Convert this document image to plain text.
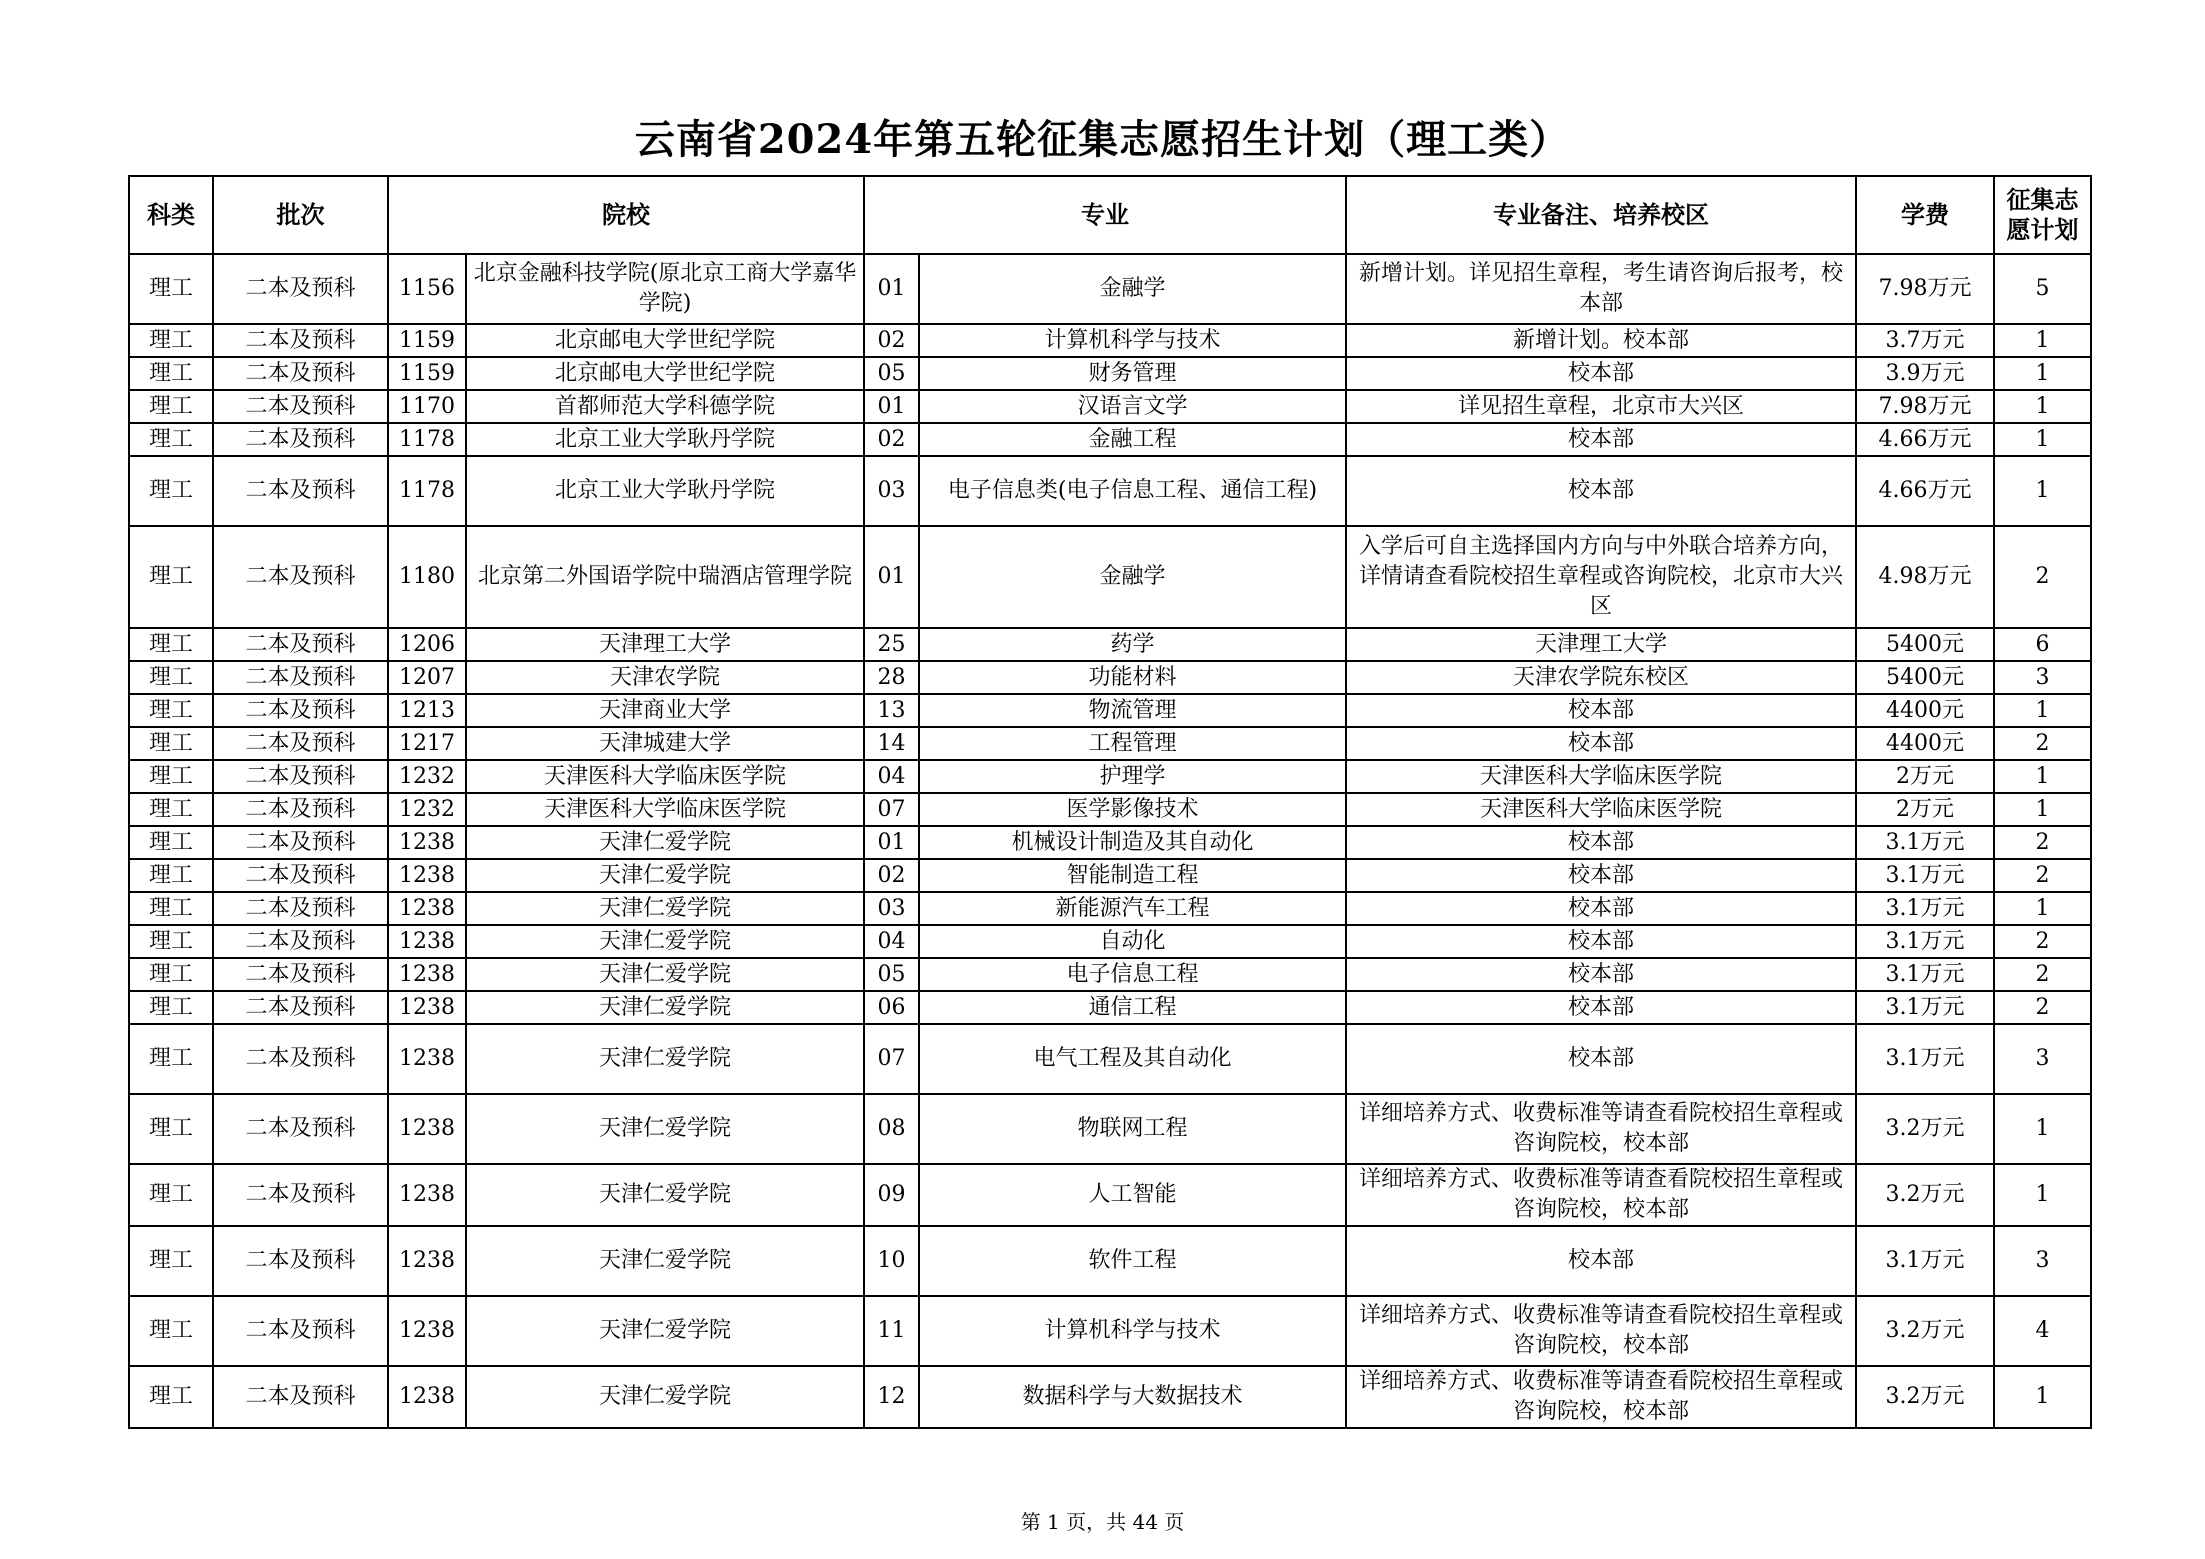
云南省2024年第五轮征集志愿招生计划（理工类）
科类	批次	院校		专业		专业备注、培养校区	学费	征集志愿计划
理工	二本及预科	1156	北京金融科技学院(原北京工商大学嘉华学院)	01	金融学	新增计划。详见招生章程，考生请咨询后报考，校本部	7.98万元	5
理工	二本及预科	1159	北京邮电大学世纪学院	02	计算机科学与技术	新增计划。校本部	3.7万元	1
理工	二本及预科	1159	北京邮电大学世纪学院	05	财务管理	校本部	3.9万元	1
理工	二本及预科	1170	首都师范大学科德学院	01	汉语言文学	详见招生章程，北京市大兴区	7.98万元	1
理工	二本及预科	1178	北京工业大学耿丹学院	02	金融工程	校本部	4.66万元	1
理工	二本及预科	1178	北京工业大学耿丹学院	03	电子信息类(电子信息工程、通信工程)	校本部	4.66万元	1
理工	二本及预科	1180	北京第二外国语学院中瑞酒店管理学院	01	金融学	入学后可自主选择国内方向与中外联合培养方向，详情请查看院校招生章程或咨询院校，北京市大兴区	4.98万元	2
理工	二本及预科	1206	天津理工大学	25	药学	天津理工大学	5400元	6
理工	二本及预科	1207	天津农学院	28	功能材料	天津农学院东校区	5400元	3
理工	二本及预科	1213	天津商业大学	13	物流管理	校本部	4400元	1
理工	二本及预科	1217	天津城建大学	14	工程管理	校本部	4400元	2
理工	二本及预科	1232	天津医科大学临床医学院	04	护理学	天津医科大学临床医学院	2万元	1
理工	二本及预科	1232	天津医科大学临床医学院	07	医学影像技术	天津医科大学临床医学院	2万元	1
理工	二本及预科	1238	天津仁爱学院	01	机械设计制造及其自动化	校本部	3.1万元	2
理工	二本及预科	1238	天津仁爱学院	02	智能制造工程	校本部	3.1万元	2
理工	二本及预科	1238	天津仁爱学院	03	新能源汽车工程	校本部	3.1万元	1
理工	二本及预科	1238	天津仁爱学院	04	自动化	校本部	3.1万元	2
理工	二本及预科	1238	天津仁爱学院	05	电子信息工程	校本部	3.1万元	2
理工	二本及预科	1238	天津仁爱学院	06	通信工程	校本部	3.1万元	2
理工	二本及预科	1238	天津仁爱学院	07	电气工程及其自动化	校本部	3.1万元	3
理工	二本及预科	1238	天津仁爱学院	08	物联网工程	详细培养方式、收费标准等请查看院校招生章程或咨询院校，校本部	3.2万元	1
理工	二本及预科	1238	天津仁爱学院	09	人工智能	详细培养方式、收费标准等请查看院校招生章程或咨询院校，校本部	3.2万元	1
理工	二本及预科	1238	天津仁爱学院	10	软件工程	校本部	3.1万元	3
理工	二本及预科	1238	天津仁爱学院	11	计算机科学与技术	详细培养方式、收费标准等请查看院校招生章程或咨询院校，校本部	3.2万元	4
理工	二本及预科	1238	天津仁爱学院	12	数据科学与大数据技术	详细培养方式、收费标准等请查看院校招生章程或咨询院校，校本部	3.2万元	1
第 1 页，共 44 页
